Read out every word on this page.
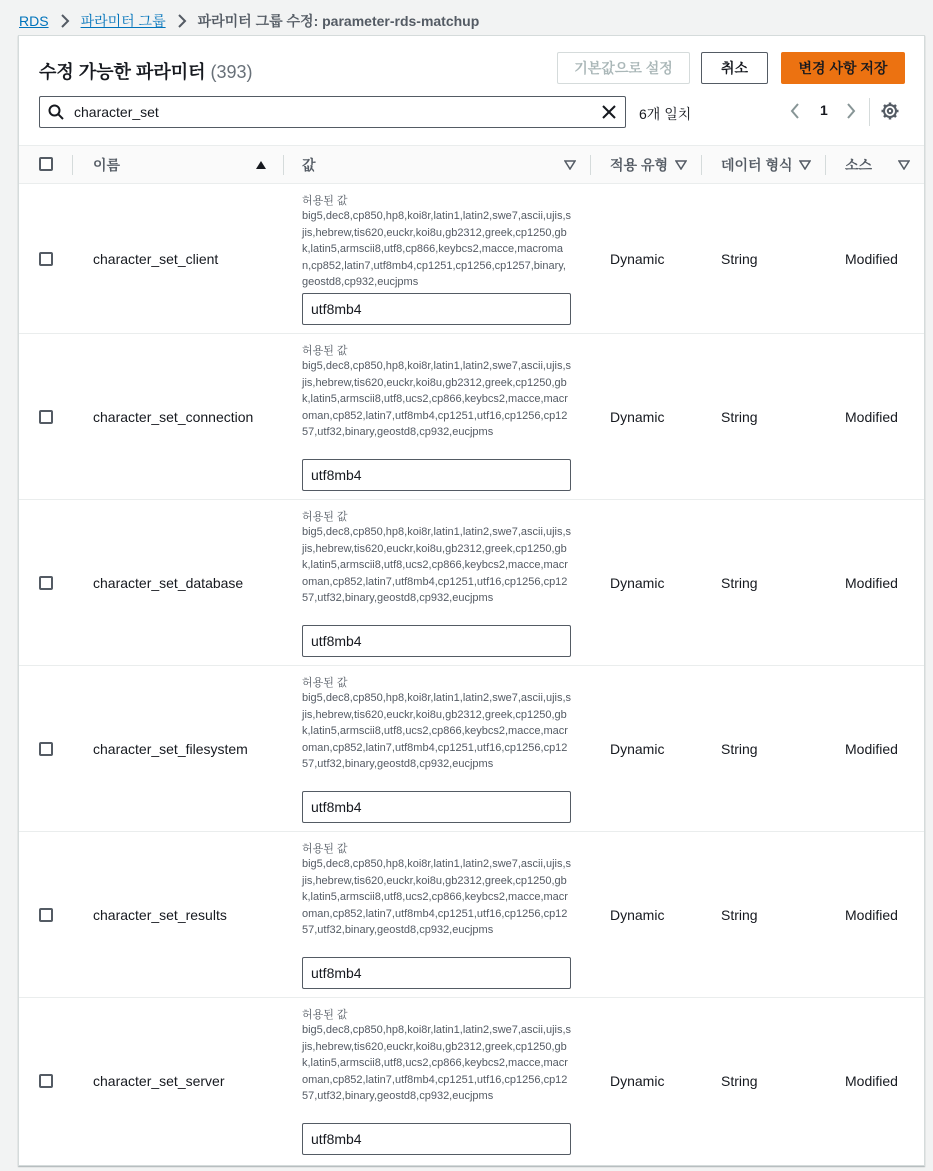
RDS 파라미터 그룹 파라미터 그룹 수정: parameter-rds-matchup
수정 가능한 파라미터 (393)	기본값으로 설정	취소	변경 사항 저장
character_set
6개 일치	1
이름	값	적용 유형	데이터 형식	소스
character_set_client
허용된 값
big5,dec8,cp850,hp8,koi8r,latin1,latin2,swe7,ascii,ujis,sjis,hebrew,tis620,euckr,koi8u,gb2312,greek,cp1250,gbk,latin5,armscii8,utf8,cp866,keybcs2,macce,macroman,cp852,latin7,utf8mb4,cp1251,cp1256,cp1257,binary,geostd8,cp932,eucjpms
utf8mb4
Dynamic	String	Modified
character_set_connection
허용된 값
big5,dec8,cp850,hp8,koi8r,latin1,latin2,swe7,ascii,ujis,sjis,hebrew,tis620,euckr,koi8u,gb2312,greek,cp1250,gbk,latin5,armscii8,utf8,ucs2,cp866,keybcs2,macce,macroman,cp852,latin7,utf8mb4,cp1251,utf16,cp1256,cp1257,utf32,binary,geostd8,cp932,eucjpms
utf8mb4
Dynamic	String	Modified
character_set_database
허용된 값
big5,dec8,cp850,hp8,koi8r,latin1,latin2,swe7,ascii,ujis,sjis,hebrew,tis620,euckr,koi8u,gb2312,greek,cp1250,gbk,latin5,armscii8,utf8,ucs2,cp866,keybcs2,macce,macroman,cp852,latin7,utf8mb4,cp1251,utf16,cp1256,cp1257,utf32,binary,geostd8,cp932,eucjpms
utf8mb4
Dynamic	String	Modified
character_set_filesystem
허용된 값
big5,dec8,cp850,hp8,koi8r,latin1,latin2,swe7,ascii,ujis,sjis,hebrew,tis620,euckr,koi8u,gb2312,greek,cp1250,gbk,latin5,armscii8,utf8,ucs2,cp866,keybcs2,macce,macroman,cp852,latin7,utf8mb4,cp1251,utf16,cp1256,cp1257,utf32,binary,geostd8,cp932,eucjpms
utf8mb4
Dynamic	String	Modified
character_set_results
허용된 값
big5,dec8,cp850,hp8,koi8r,latin1,latin2,swe7,ascii,ujis,sjis,hebrew,tis620,euckr,koi8u,gb2312,greek,cp1250,gbk,latin5,armscii8,utf8,ucs2,cp866,keybcs2,macce,macroman,cp852,latin7,utf8mb4,cp1251,utf16,cp1256,cp1257,utf32,binary,geostd8,cp932,eucjpms
utf8mb4
Dynamic	String	Modified
character_set_server
허용된 값
big5,dec8,cp850,hp8,koi8r,latin1,latin2,swe7,ascii,ujis,sjis,hebrew,tis620,euckr,koi8u,gb2312,greek,cp1250,gbk,latin5,armscii8,utf8,ucs2,cp866,keybcs2,macce,macroman,cp852,latin7,utf8mb4,cp1251,utf16,cp1256,cp1257,utf32,binary,geostd8,cp932,eucjpms
utf8mb4
Dynamic	String	Modified
